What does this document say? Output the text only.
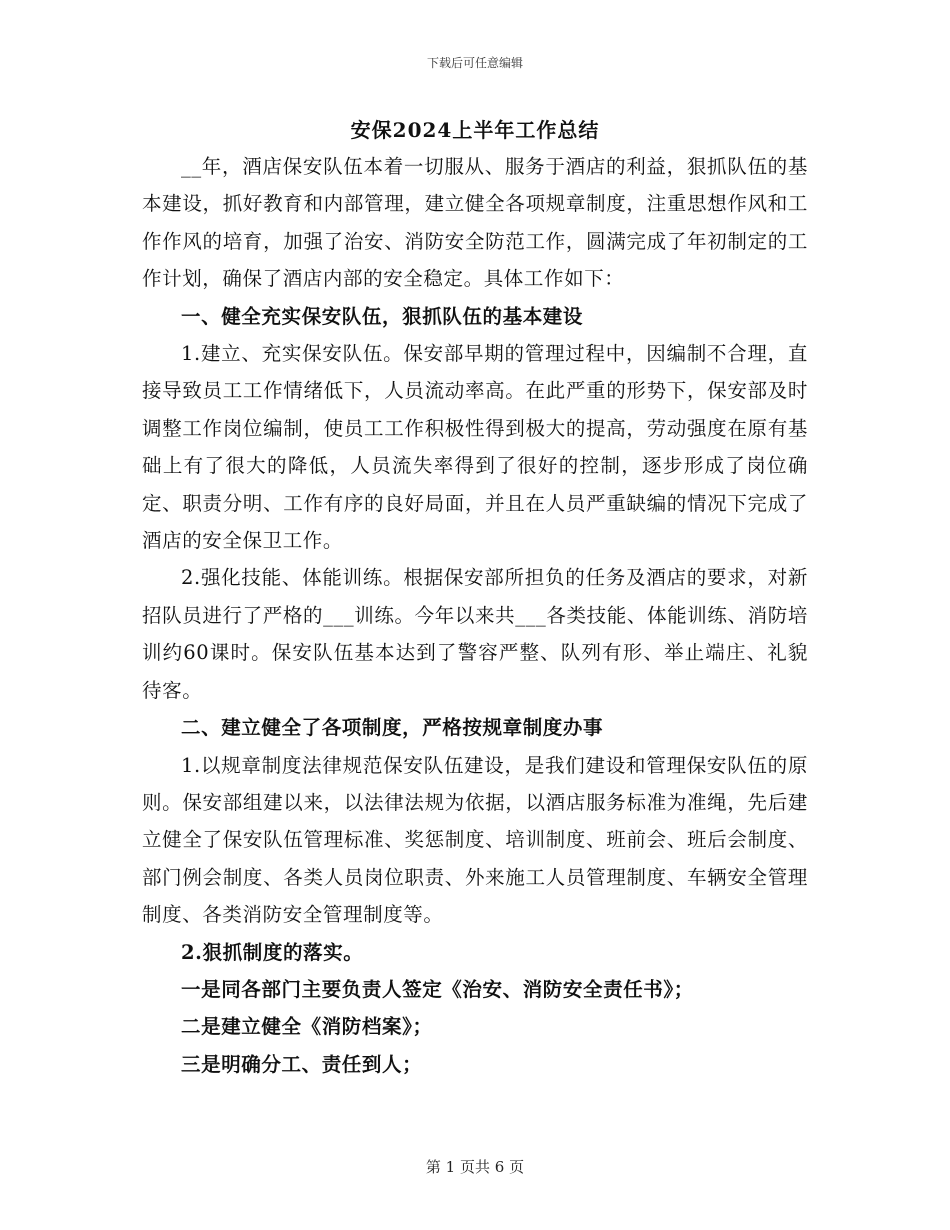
下载后可任意编辑
安保2024上半年工作总结

__年，酒店保安队伍本着一切服从、服务于酒店的利益，狠抓队伍的基本建设，抓好教育和内部管理，建立健全各项规章制度，注重思想作风和工作作风的培育，加强了治安、消防安全防范工作，圆满完成了年初制定的工作计划，确保了酒店内部的安全稳定。具体工作如下：

一、健全充实保安队伍，狠抓队伍的基本建设

1.建立、充实保安队伍。保安部早期的管理过程中，因编制不合理，直接导致员工工作情绪低下，人员流动率高。在此严重的形势下，保安部及时调整工作岗位编制，使员工工作积极性得到极大的提高，劳动强度在原有基础上有了很大的降低，人员流失率得到了很好的控制，逐步形成了岗位确定、职责分明、工作有序的良好局面，并且在人员严重缺编的情况下完成了酒店的安全保卫工作。

2.强化技能、体能训练。根据保安部所担负的任务及酒店的要求，对新招队员进行了严格的___训练。今年以来共___各类技能、体能训练、消防培训约60课时。保安队伍基本达到了警容严整、队列有形、举止端庄、礼貌待客。

二、建立健全了各项制度，严格按规章制度办事

1.以规章制度法律规范保安队伍建设，是我们建设和管理保安队伍的原则。保安部组建以来，以法律法规为依据，以酒店服务标准为准绳，先后建立健全了保安队伍管理标准、奖惩制度、培训制度、班前会、班后会制度、部门例会制度、各类人员岗位职责、外来施工人员管理制度、车辆安全管理制度、各类消防安全管理制度等。

2.狠抓制度的落实。

一是同各部门主要负责人签定《治安、消防安全责任书》；

二是建立健全《消防档案》；

三是明确分工、责任到人；

第 1 页共 6 页
